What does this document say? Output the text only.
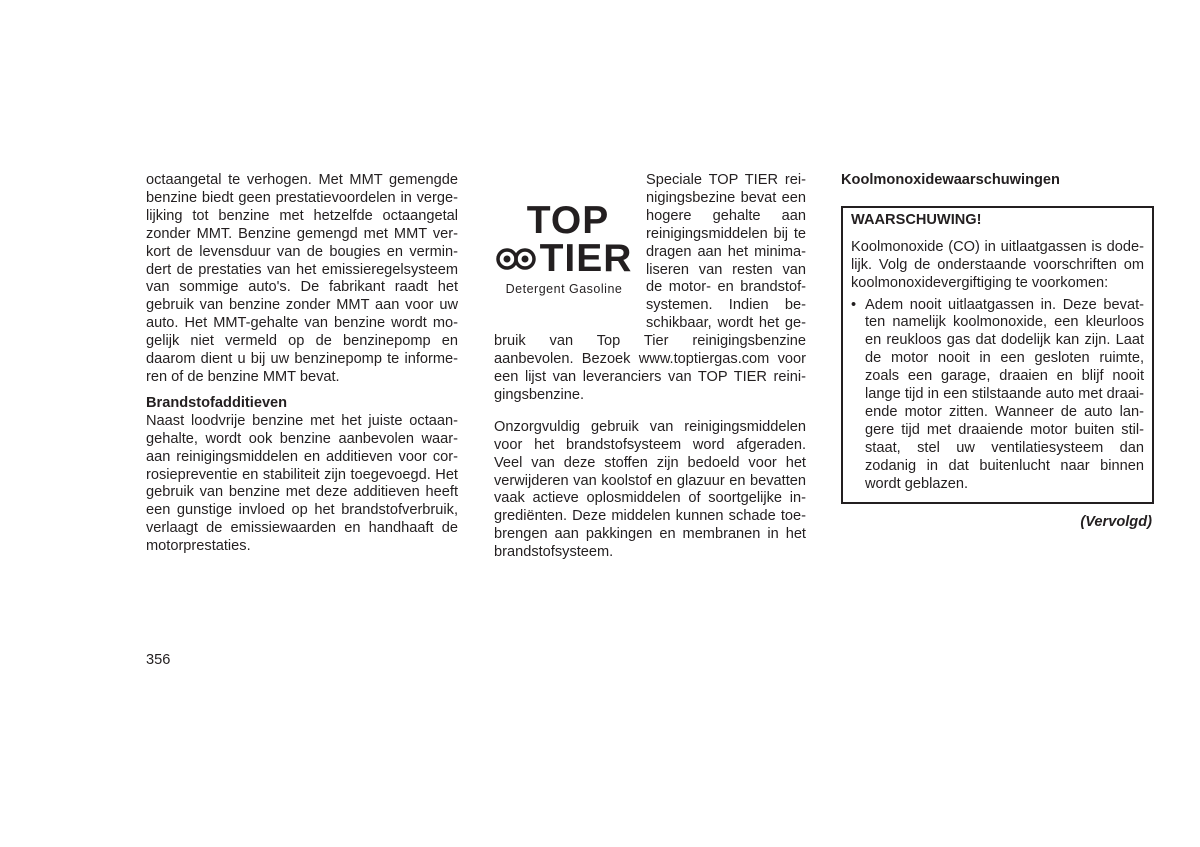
octaangetal te verhogen. Met MMT gemengde benzine biedt geen prestatievoordelen in vergelijking tot benzine met hetzelfde octaangetal zonder MMT. Benzine gemengd met MMT verkort de levensduur van de bougies en vermindert de prestaties van het emissieregelsysteem van sommige auto's. De fabrikant raadt het gebruik van benzine zonder MMT aan voor uw auto. Het MMT-gehalte van benzine wordt mogelijk niet vermeld op de benzinepomp en daarom dient u bij uw benzinepomp te informeren of de benzine MMT bevat.

Brandstofadditieven

Naast loodvrije benzine met het juiste octaangehalte, wordt ook benzine aanbevolen waaraan reinigingsmiddelen en additieven voor corrosiepreventie en stabiliteit zijn toegevoegd. Het gebruik van benzine met deze additieven heeft een gunstige invloed op het brandstofverbruik, verlaagt de emissiewaarden en handhaaft de motorprestaties.

TOP
TIER
Detergent Gasoline

Speciale TOP TIER reinigingsbezine bevat een hogere gehalte aan reinigingsmiddelen bij te dragen aan het minimaliseren van resten van de motor- en brandstofsystemen. Indien beschikbaar, wordt het gebruik van Top Tier reinigingsbenzine aanbevolen. Bezoek www.toptiergas.com voor een lijst van leveranciers van TOP TIER reinigingsbenzine.

Onzorgvuldig gebruik van reinigingsmiddelen voor het brandstofsysteem word afgeraden. Veel van deze stoffen zijn bedoeld voor het verwijderen van koolstof en glazuur en bevatten vaak actieve oplosmiddelen of soortgelijke ingrediënten. Deze middelen kunnen schade toebrengen aan pakkingen en membranen in het brandstofsysteem.

Koolmonoxidewaarschuwingen

WAARSCHUWING!

Koolmonoxide (CO) in uitlaatgassen is dodelijk. Volg de onderstaande voorschriften om koolmonoxidevergiftiging te voorkomen:

• Adem nooit uitlaatgassen in. Deze bevatten namelijk koolmonoxide, een kleurloos en reukloos gas dat dodelijk kan zijn. Laat de motor nooit in een gesloten ruimte, zoals een garage, draaien en blijf nooit lange tijd in een stilstaande auto met draaiende motor zitten. Wanneer de auto langere tijd met draaiende motor buiten stilstaat, stel uw ventilatiesysteem dan zodanig in dat buitenlucht naar binnen wordt geblazen.
(Vervolgd)
356
